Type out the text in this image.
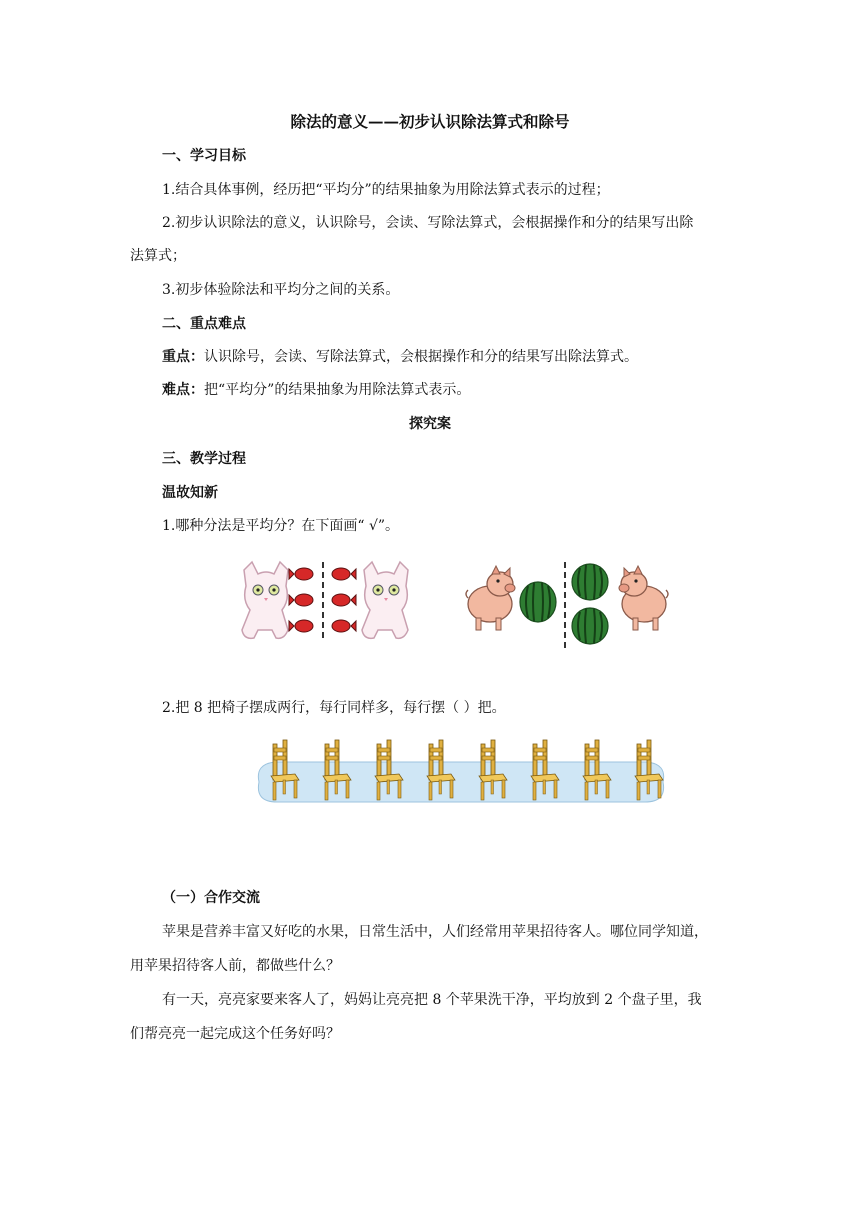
除法的意义——初步认识除法算式和除号
一、学习目标
1.结合具体事例，经历把“平均分”的结果抽象为用除法算式表示的过程；
2.初步认识除法的意义，认识除号，会读、写除法算式，会根据操作和分的结果写出除
法算式；
3.初步体验除法和平均分之间的关系。
二、重点难点
重点：认识除号，会读、写除法算式，会根据操作和分的结果写出除法算式。
难点：把“平均分”的结果抽象为用除法算式表示。
探究案
三、教学过程
温故知新
1.哪种分法是平均分？在下面画“ √”。
2.把 8 把椅子摆成两行，每行同样多，每行摆（ ）把。
（一）合作交流
苹果是营养丰富又好吃的水果，日常生活中，人们经常用苹果招待客人。哪位同学知道，
用苹果招待客人前，都做些什么？
有一天，亮亮家要来客人了，妈妈让亮亮把 8 个苹果洗干净，平均放到 2 个盘子里，我
们帮亮亮一起完成这个任务好吗？
